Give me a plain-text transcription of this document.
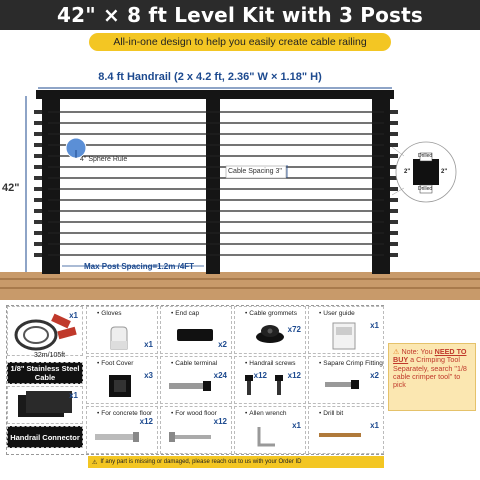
42" × 8 ft Level Kit with 3 Posts
All-in-one design to help you easily create cable railing
8.4 ft Handrail (2 x 4.2 ft, 2.36" W × 1.18" H)
42"
4" Sphere Rule
Cable Spacing 3"
Max Post Spacing=1.2m /4FT
Drilled
Drilled
2"	2"
x1
32m/105ft
1/8" Stainless Steel Cable
x1
Handrail Connector
• Gloves
x1
• End cap
x2
• Cable grommets
x72
• User guide
x1
• Foot Cover
x3
• Cable terminal
x24
• Handrail screws
x12	x12
• Sapare Crimp Fitting
x2
• For concrete floor
x12
• For wood floor
x12
• Allen wrench
x1
• Drill bit
x1
⚠ Note: You NEED TO BUY a Crimping Tool Separately, search "1/8 cable crimper tool" to pick
⚠ If any part is missing or damaged, please reach out to us with your Order ID
